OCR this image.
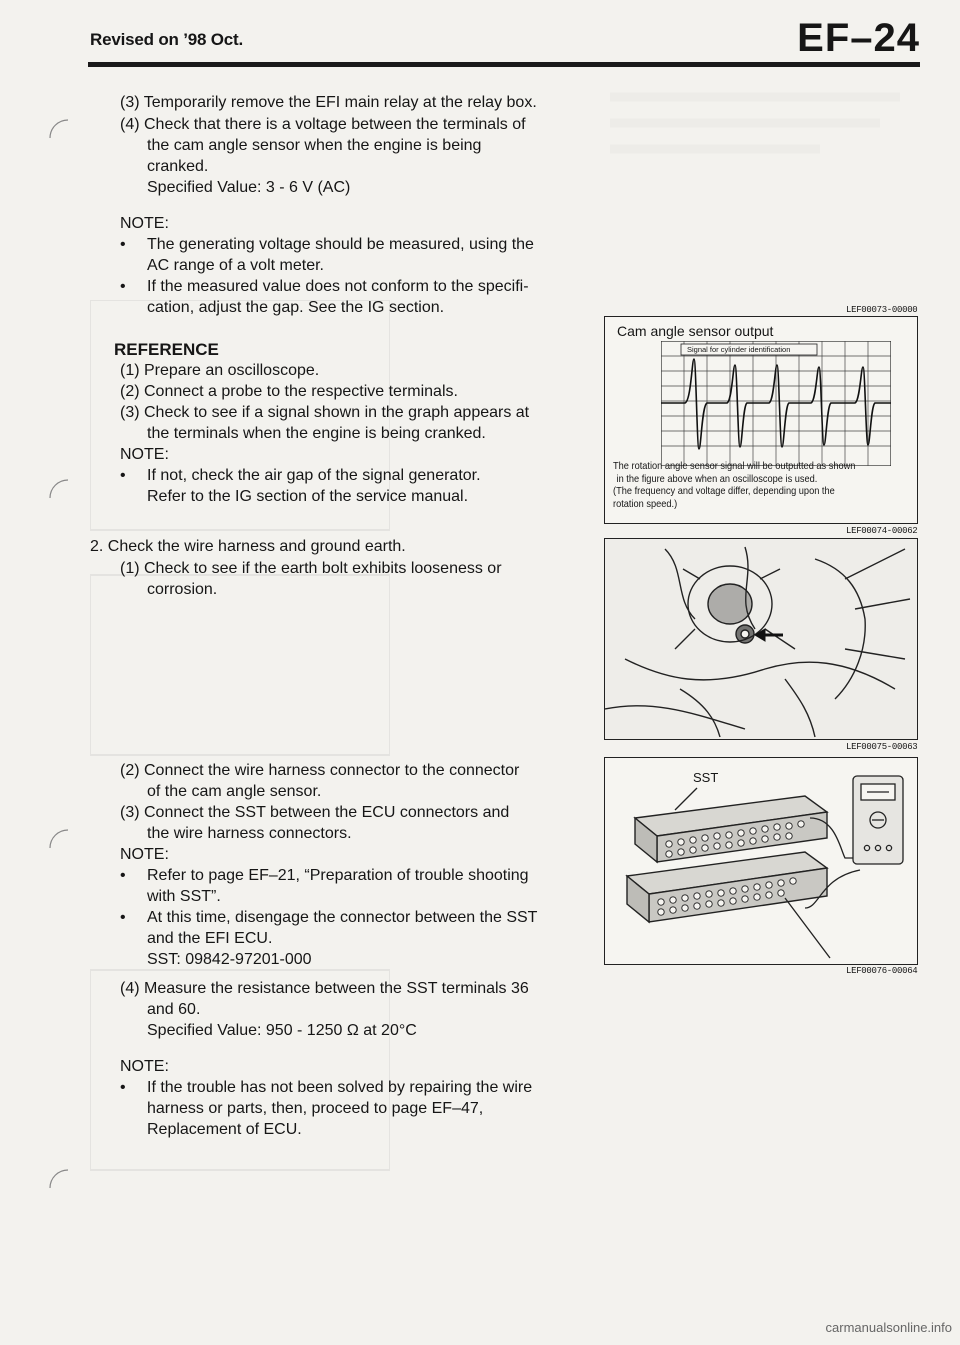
Revised on ’98 Oct.	EF–24
(3) Temporarily remove the EFI main relay at the relay box.
(4) Check that there is a voltage between the terminals of
the cam angle sensor when the engine is being
cranked.
Specified Value: 3 - 6 V (AC)
NOTE:
• The generating voltage should be measured, using the
AC range of a volt meter.
• If the measured value does not conform to the specifi-
cation, adjust the gap. See the IG section.
REFERENCE
(1) Prepare an oscilloscope.
(2) Connect a probe to the respective terminals.
(3) Check to see if a signal shown in the graph appears at
the terminals when the engine is being cranked.
NOTE:
• If not, check the air gap of the signal generator.
Refer to the IG section of the service manual.
LEF00073-00000
Cam angle sensor output
Signal for cylinder identification
The rotation angle sensor signal will be outputted as shown
in the figure above when an oscilloscope is used.
(The frequency and voltage differ, depending upon the
rotation speed.)
LEF00074-00062
2. Check the wire harness and ground earth.
(1) Check to see if the earth bolt exhibits looseness or
corrosion.
LEF00075-00063
(2) Connect the wire harness connector to the connector
of the cam angle sensor.
(3) Connect the SST between the ECU connectors and
the wire harness connectors.
NOTE:
• Refer to page EF–21, “Preparation of trouble shooting
with SST”.
• At this time, disengage the connector between the SST
and the EFI ECU.
SST: 09842-97201-000
SST
LEF00076-00064
(4) Measure the resistance between the SST terminals 36
and 60.
Specified Value: 950 - 1250 Ω at 20°C
NOTE:
• If the trouble has not been solved by repairing the wire
harness or parts, then, proceed to page EF–47,
Replacement of ECU.
carmanualsonline.info
